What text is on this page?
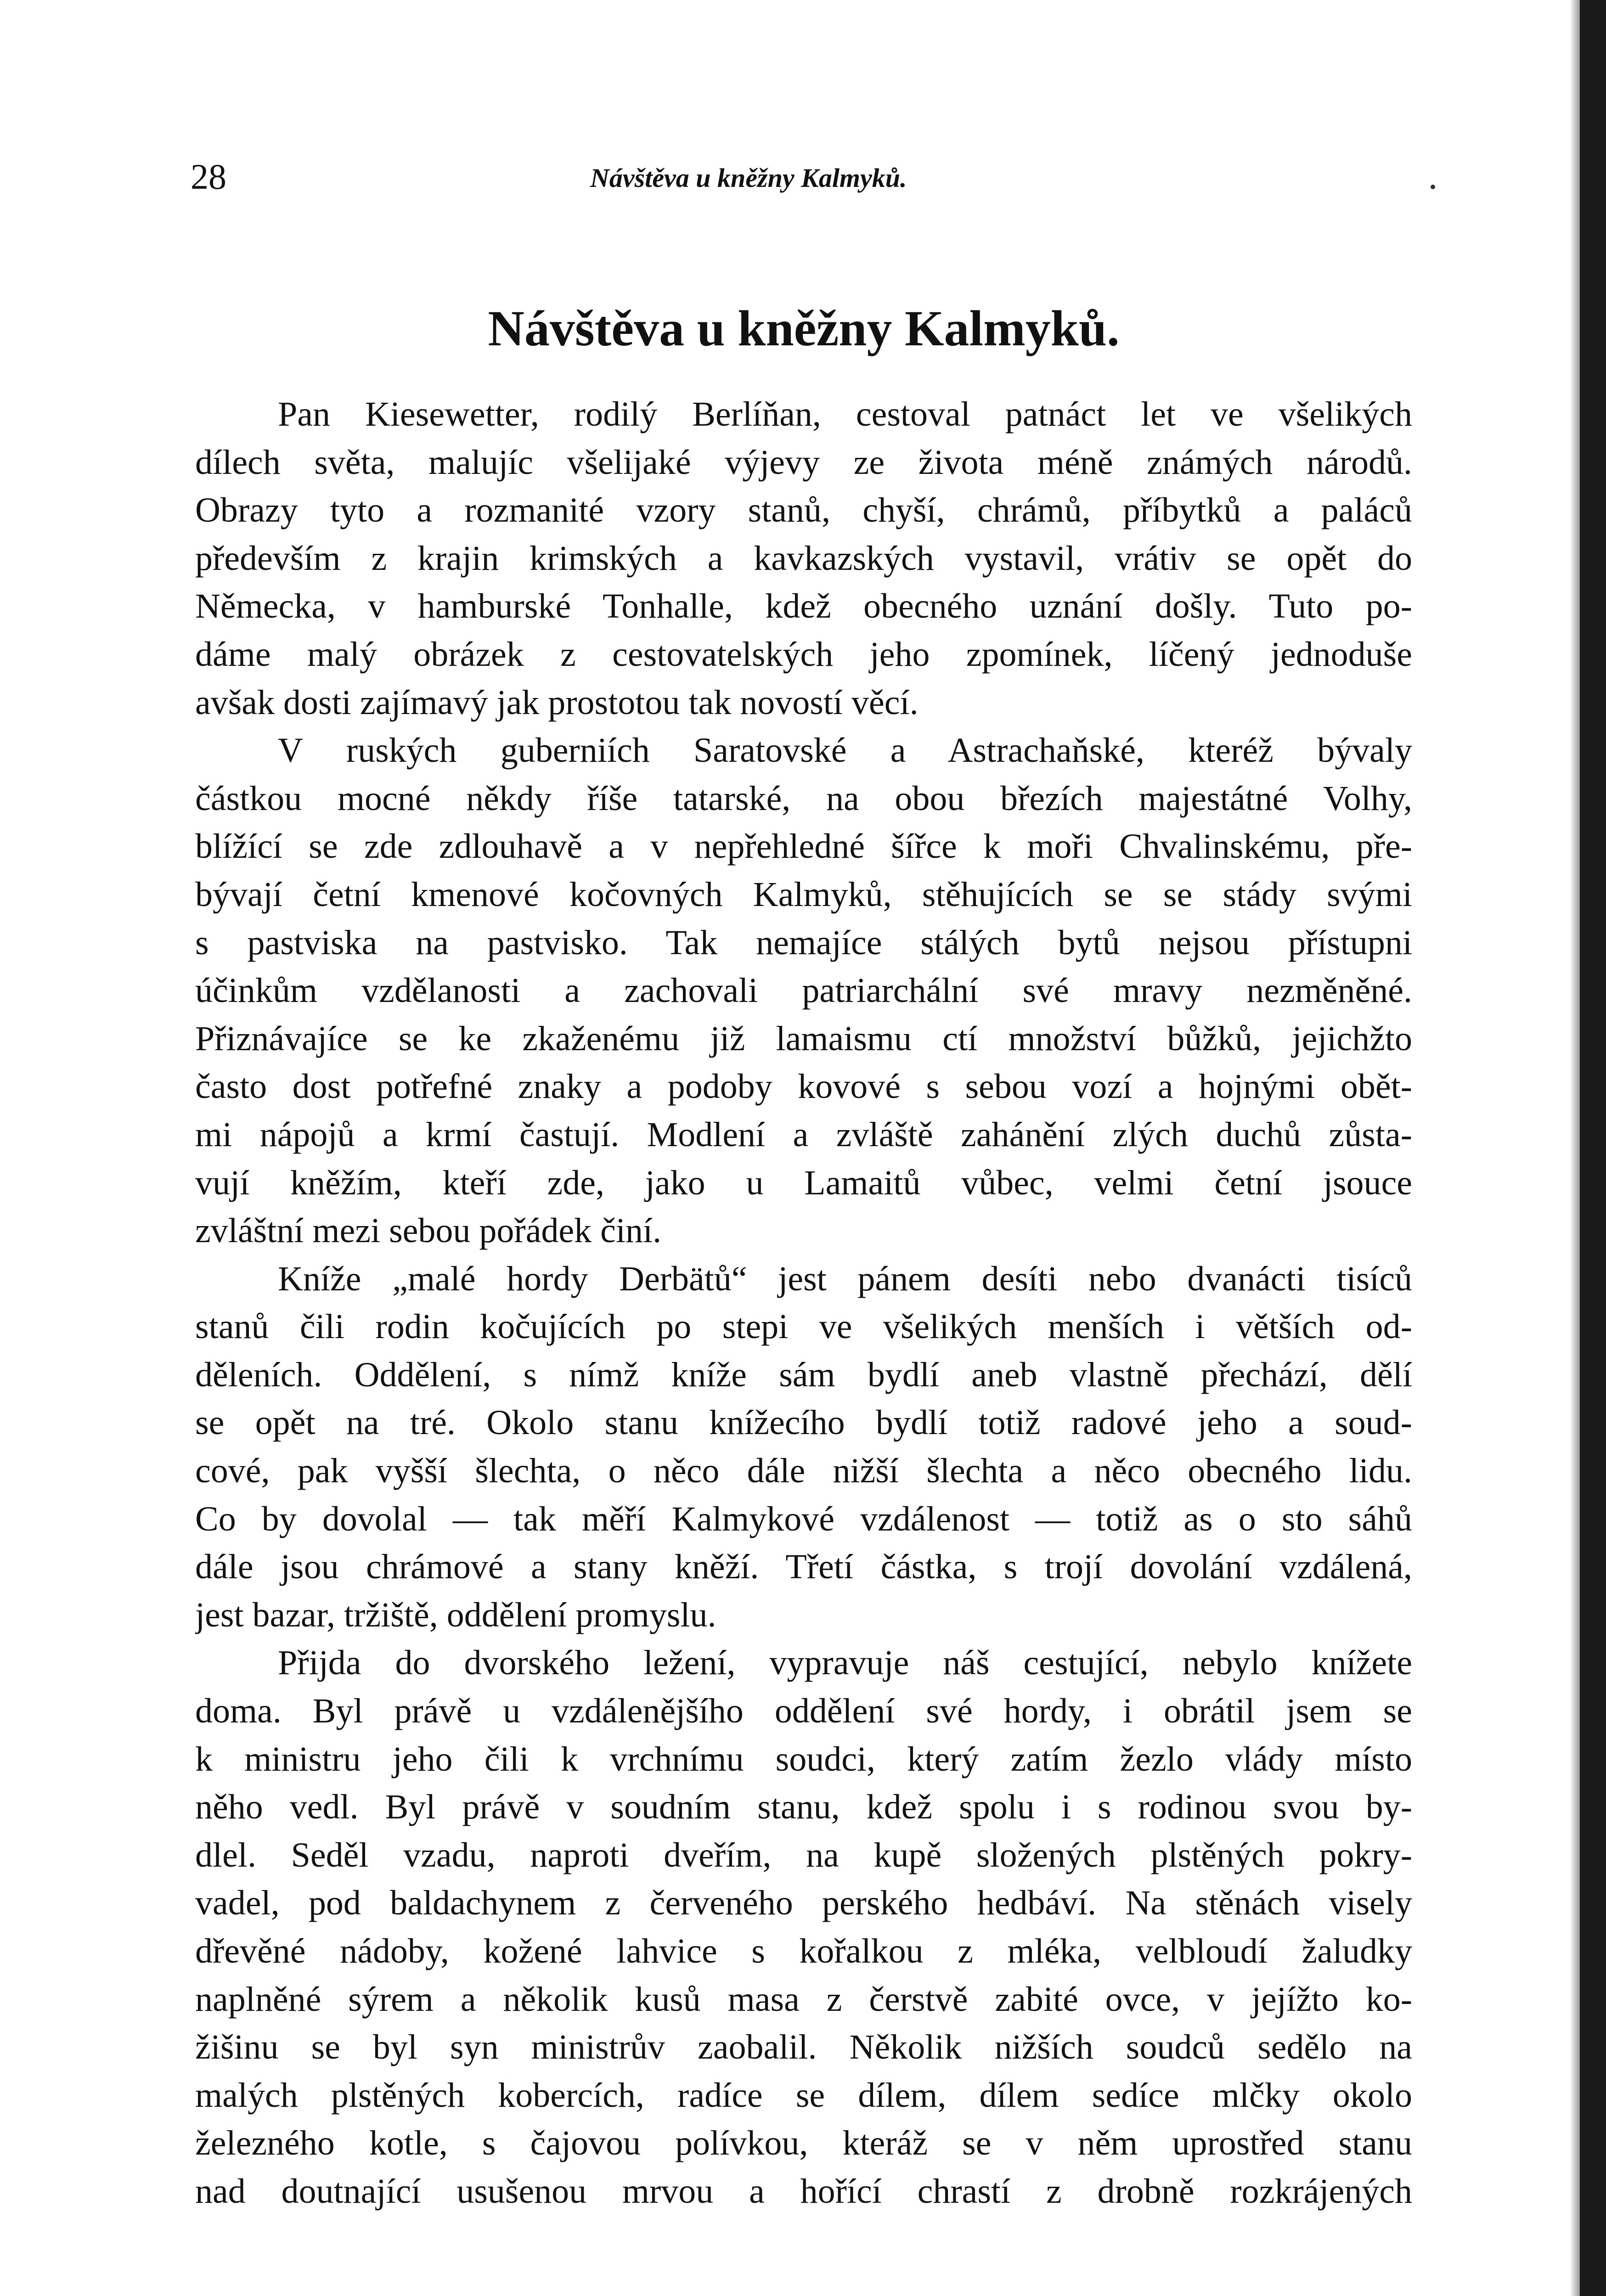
28	Návštěva u kněžny Kalmyků.
Návštěva u kněžny Kalmyků.
Pan Kiesewetter, rodilý Berlíňan, cestoval patnáct let ve všelikých
dílech světa, malujíc všelijaké výjevy ze života méně známých národů.
Obrazy tyto a rozmanité vzory stanů, chyší, chrámů, příbytků a paláců
především z krajin krimských a kavkazských vystavil, vrátiv se opět do
Německa, v hamburské Tonhalle, kdež obecného uznání došly. Tuto po-
dáme malý obrázek z cestovatelských jeho zpomínek, líčený jednoduše
avšak dosti zajímavý jak prostotou tak novostí věcí.
V ruských guberniích Saratovské a Astrachaňské, kteréž bývaly
částkou mocné někdy říše tatarské, na obou březích majestátné Volhy,
blížící se zde zdlouhavě a v nepřehledné šířce k moři Chvalinskému, pře-
bývají četní kmenové kočovných Kalmyků, stěhujících se se stády svými
s pastviska na pastvisko. Tak nemajíce stálých bytů nejsou přístupni
účinkům vzdělanosti a zachovali patriarchální své mravy nezměněné.
Přiznávajíce se ke zkaženému již lamaismu ctí množství bůžků, jejichžto
často dost potřefné znaky a podoby kovové s sebou vozí a hojnými obět-
mi nápojů a krmí častují. Modlení a zvláště zahánění zlých duchů zůsta-
vují kněžím, kteří zde, jako u Lamaitů vůbec, velmi četní jsouce
zvláštní mezi sebou pořádek činí.
Kníže „malé hordy Derbätů“ jest pánem desíti nebo dvanácti tisíců
stanů čili rodin kočujících po stepi ve všelikých menších i větších od-
děleních. Oddělení, s nímž kníže sám bydlí aneb vlastně přechází, dělí
se opět na tré. Okolo stanu knížecího bydlí totiž radové jeho a soud-
cové, pak vyšší šlechta, o něco dále nižší šlechta a něco obecného lidu.
Co by dovolal — tak měří Kalmykové vzdálenost — totiž as o sto sáhů
dále jsou chrámové a stany kněží. Třetí částka, s trojí dovolání vzdálená,
jest bazar, tržiště, oddělení promyslu.
Přijda do dvorského ležení, vypravuje náš cestující, nebylo knížete
doma. Byl právě u vzdálenějšího oddělení své hordy, i obrátil jsem se
k ministru jeho čili k vrchnímu soudci, který zatím žezlo vlády místo
něho vedl. Byl právě v soudním stanu, kdež spolu i s rodinou svou by-
dlel. Seděl vzadu, naproti dveřím, na kupě složených plstěných pokry-
vadel, pod baldachynem z červeného perského hedbáví. Na stěnách visely
dřevěné nádoby, kožené lahvice s kořalkou z mléka, velbloudí žaludky
naplněné sýrem a několik kusů masa z čerstvě zabité ovce, v jejížto ko-
žišinu se byl syn ministrův zaobalil. Několik nižších soudců sedělo na
malých plstěných kobercích, radíce se dílem, dílem sedíce mlčky okolo
železného kotle, s čajovou polívkou, kteráž se v něm uprostřed stanu
nad doutnající usušenou mrvou a hořící chrastí z drobně rozkrájených
